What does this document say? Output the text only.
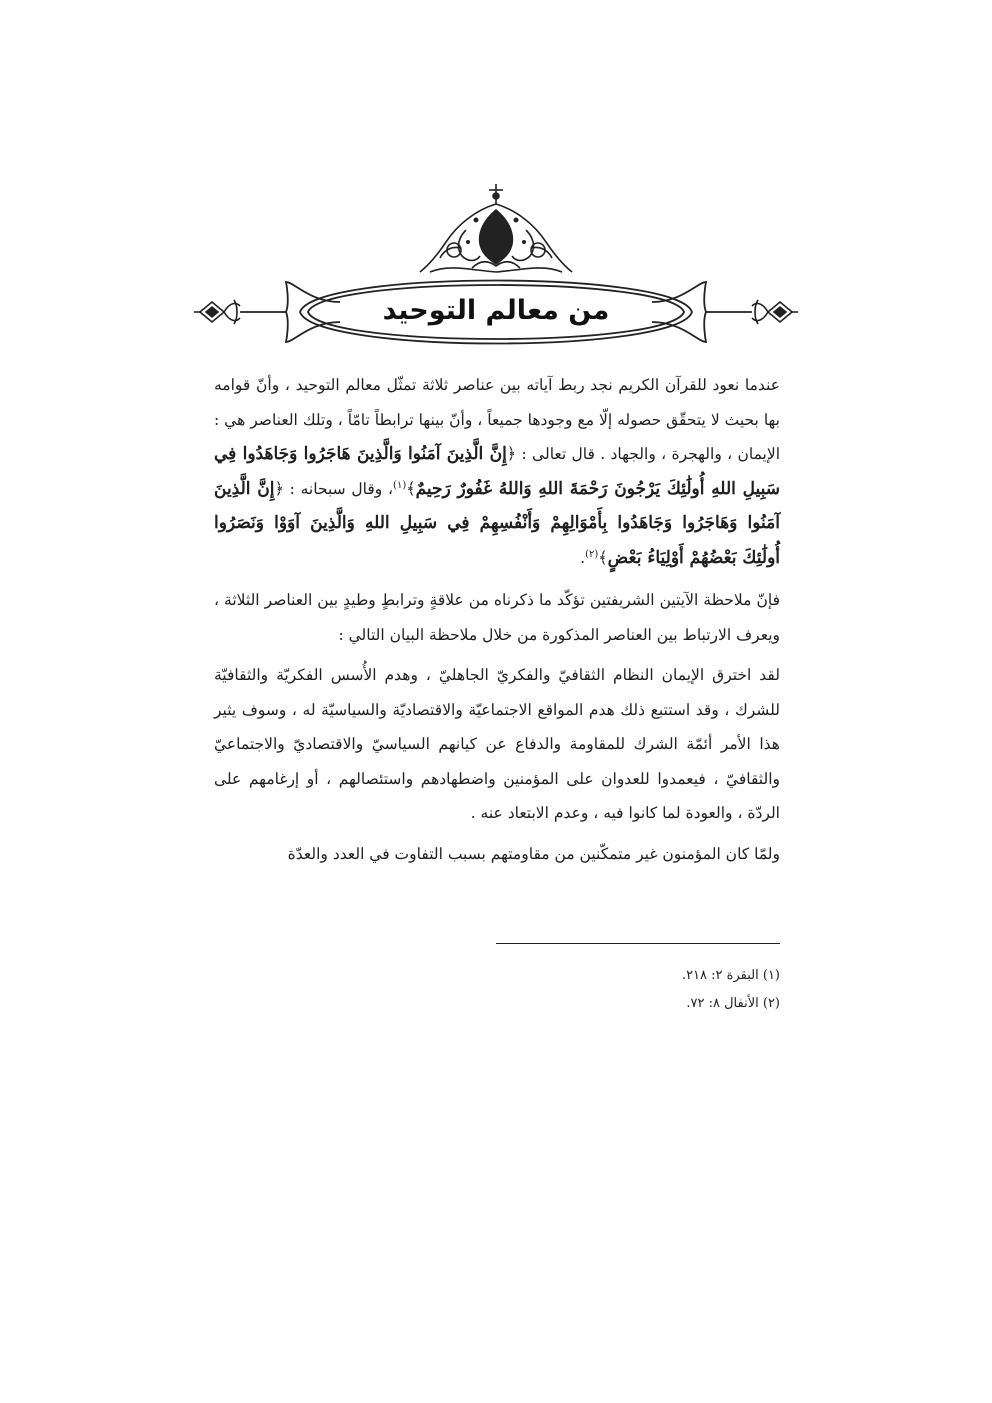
من معالم التوحيد

عندما نعود للقرآن الكريم نجد ربط آياته بين عناصر ثلاثة تمثّل معالم التوحيد ، وأنّ قوامه بها بحيث لا يتحقّق حصوله إلّا مع وجودها جميعاً ، وأنّ بينها ترابطاً تامّاً ، وتلك العناصر هي : الإيمان ، والهجرة ، والجهاد . قال تعالى : ﴿إِنَّ الَّذِينَ آمَنُوا وَالَّذِينَ هَاجَرُوا وَجَاهَدُوا فِي سَبِيلِ اللهِ أُولَٰئِكَ يَرْجُونَ رَحْمَةَ اللهِ وَاللهُ غَفُورٌ رَحِيمٌ﴾$^{(١)}$، وقال سبحانه : ﴿إِنَّ الَّذِينَ آمَنُوا وَهَاجَرُوا وَجَاهَدُوا بِأَمْوَالِهِمْ وَأَنْفُسِهِمْ فِي سَبِيلِ اللهِ وَالَّذِينَ آوَوْا وَنَصَرُوا أُولَٰئِكَ بَعْضُهُمْ أَوْلِيَاءُ بَعْضٍ﴾$^{(٢)}$.

فإنّ ملاحظة الآيتين الشريفتين تؤكّد ما ذكرناه من علاقةٍ وترابطٍ وطيدٍ بين العناصر الثلاثة ، ويعرف الارتباط بين العناصر المذكورة من خلال ملاحظة البيان التالي :

لقد اخترق الإيمان النظام الثقافيّ والفكريّ الجاهليّ ، وهدم الأُسس الفكريّة والثقافيّة للشرك ، وقد استتبع ذلك هدم المواقع الاجتماعيّة والاقتصاديّة والسياسيّة له ، وسوف يثير هذا الأمر أئمّة الشرك للمقاومة والدفاع عن كيانهم السياسيّ والاقتصاديّ والاجتماعيّ والثقافيّ ، فيعمدوا للعدوان على المؤمنين واضطهادهم واستئصالهم ، أو إرغامهم على الردّة ، والعودة لما كانوا فيه ، وعدم الابتعاد عنه .

ولمّا كان المؤمنون غير متمكّنين من مقاومتهم بسبب التفاوت في العدد والعدّة

(١) البقرة ٢: ٢١٨.
(٢) الأنفال ٨: ٧٢.
